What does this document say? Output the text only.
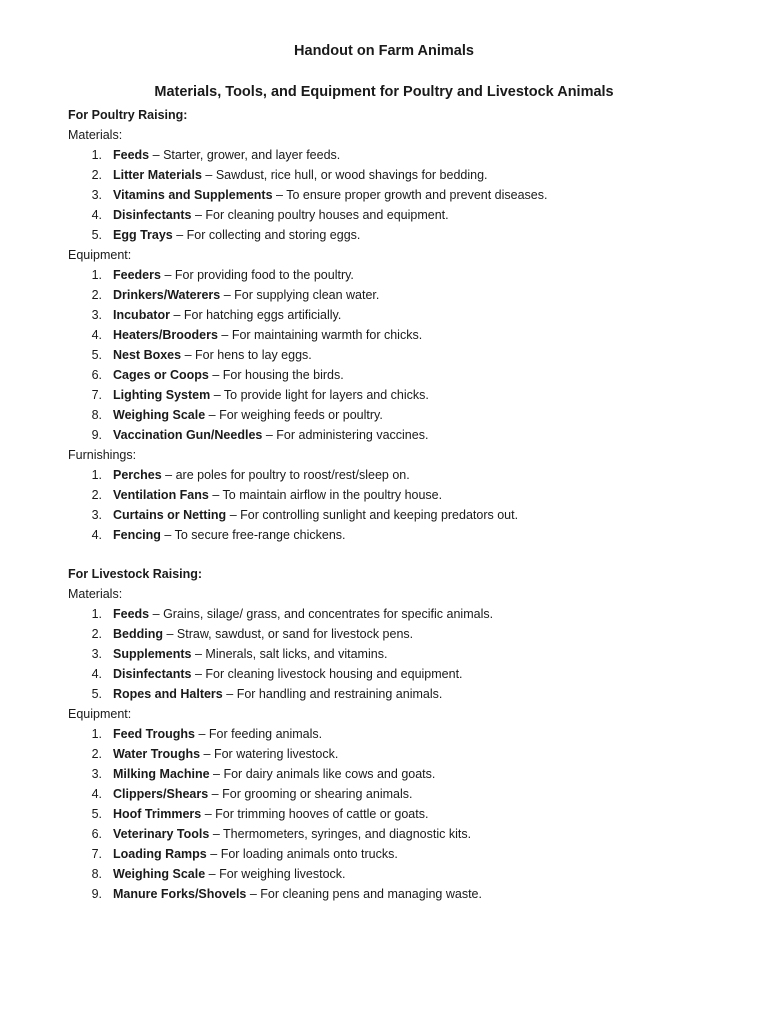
Handout on Farm Animals
Materials, Tools, and Equipment for Poultry and Livestock Animals
For Poultry Raising:
Materials:
1. Feeds – Starter, grower, and layer feeds.
2. Litter Materials – Sawdust, rice hull, or wood shavings for bedding.
3. Vitamins and Supplements – To ensure proper growth and prevent diseases.
4. Disinfectants – For cleaning poultry houses and equipment.
5. Egg Trays – For collecting and storing eggs.
Equipment:
1. Feeders – For providing food to the poultry.
2. Drinkers/Waterers – For supplying clean water.
3. Incubator – For hatching eggs artificially.
4. Heaters/Brooders – For maintaining warmth for chicks.
5. Nest Boxes – For hens to lay eggs.
6. Cages or Coops – For housing the birds.
7. Lighting System – To provide light for layers and chicks.
8. Weighing Scale – For weighing feeds or poultry.
9. Vaccination Gun/Needles – For administering vaccines.
Furnishings:
1. Perches – are poles for poultry to roost/rest/sleep on.
2. Ventilation Fans – To maintain airflow in the poultry house.
3. Curtains or Netting – For controlling sunlight and keeping predators out.
4. Fencing – To secure free-range chickens.
For Livestock Raising:
Materials:
1. Feeds – Grains, silage/ grass, and concentrates for specific animals.
2. Bedding – Straw, sawdust, or sand for livestock pens.
3. Supplements – Minerals, salt licks, and vitamins.
4. Disinfectants – For cleaning livestock housing and equipment.
5. Ropes and Halters – For handling and restraining animals.
Equipment:
1. Feed Troughs – For feeding animals.
2. Water Troughs – For watering livestock.
3. Milking Machine – For dairy animals like cows and goats.
4. Clippers/Shears – For grooming or shearing animals.
5. Hoof Trimmers – For trimming hooves of cattle or goats.
6. Veterinary Tools – Thermometers, syringes, and diagnostic kits.
7. Loading Ramps – For loading animals onto trucks.
8. Weighing Scale – For weighing livestock.
9. Manure Forks/Shovels – For cleaning pens and managing waste.
